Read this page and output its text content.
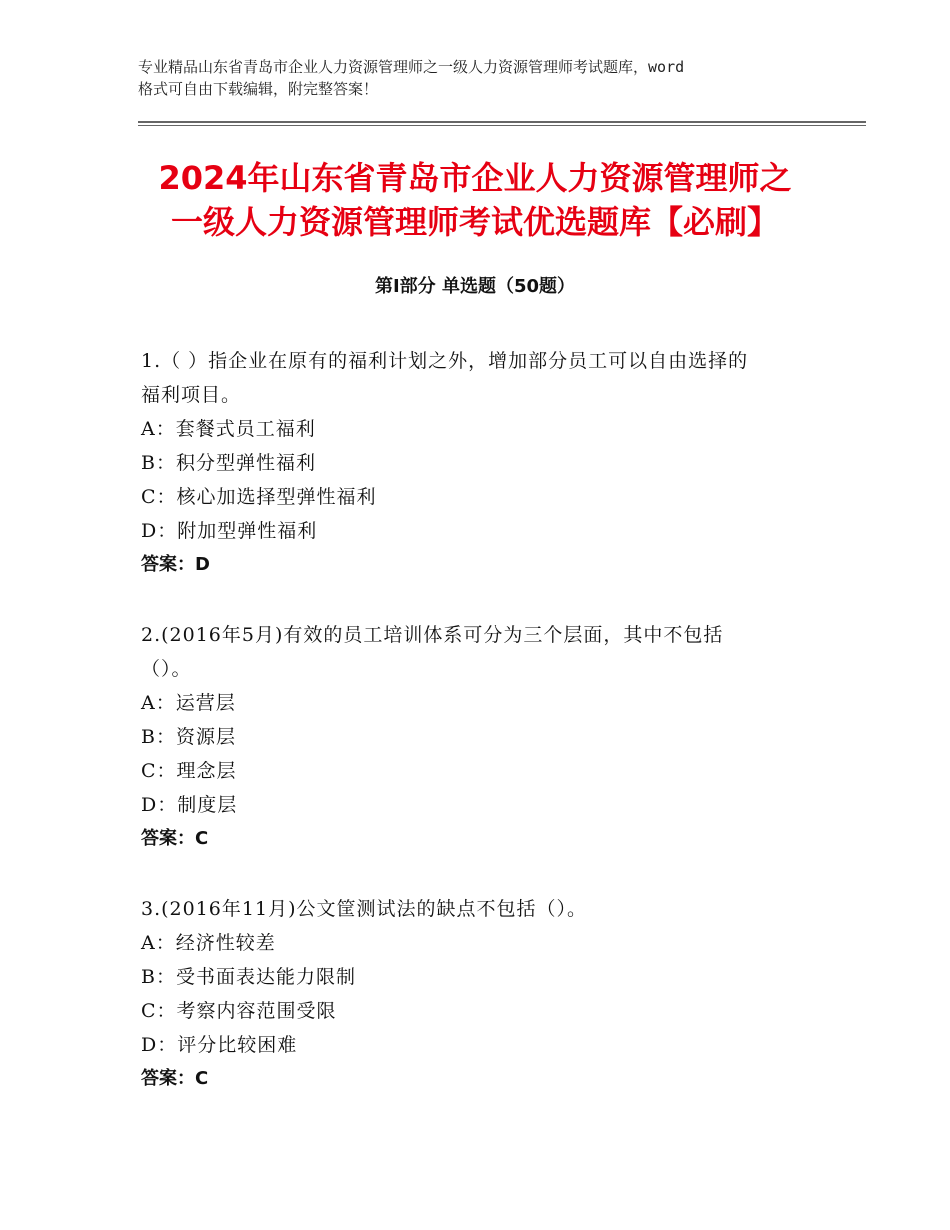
专业精品山东省青岛市企业人力资源管理师之一级人力资源管理师考试题库，word
格式可自由下载编辑，附完整答案！
2024年山东省青岛市企业人力资源管理师之
一级人力资源管理师考试优选题库【必刷】
第Ⅰ部分 单选题（50题）

1.（ ）指企业在原有的福利计划之外，增加部分员工可以自由选择的

福利项目。

A：套餐式员工福利

B：积分型弹性福利

C：核心加选择型弹性福利

D：附加型弹性福利

答案：D

2.(2016年5月)有效的员工培训体系可分为三个层面，其中不包括

（）。

A：运营层

B：资源层

C：理念层

D：制度层

答案：C

3.(2016年11月)公文筐测试法的缺点不包括（）。

A：经济性较差

B：受书面表达能力限制

C：考察内容范围受限

D：评分比较困难

答案：C
